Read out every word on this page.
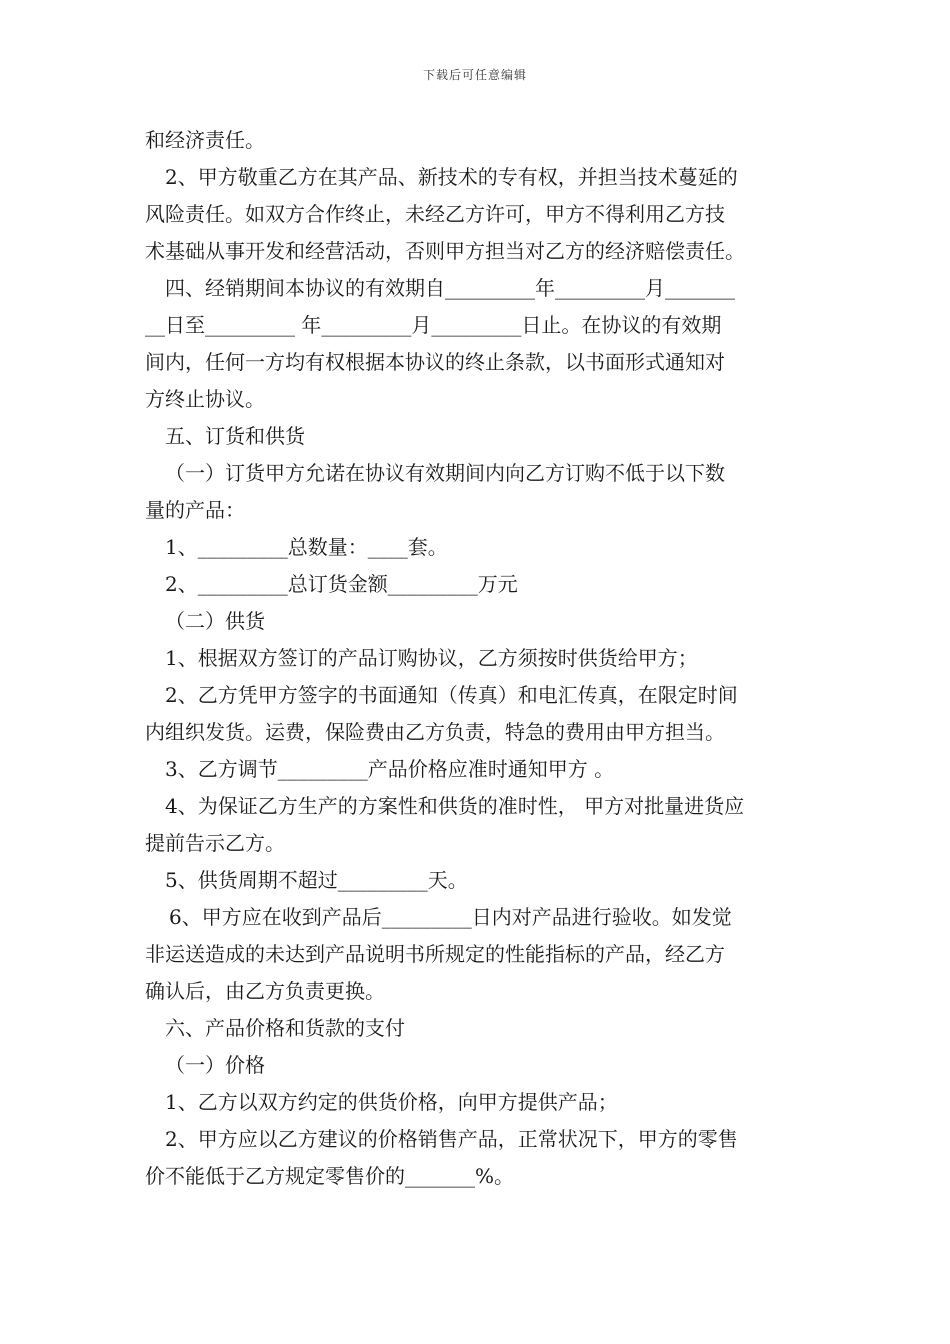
下载后可任意编辑
和经济责任。
2、甲方敬重乙方在其产品、新技术的专有权，并担当技术蔓延的
风险责任。如双方合作终止，未经乙方许可，甲方不得利用乙方技
术基础从事开发和经营活动，否则甲方担当对乙方的经济赔偿责任。
四、经销期间本协议的有效期自_________年_________月_______
__日至_________ 年_________月_________日止。在协议的有效期
间内，任何一方均有权根据本协议的终止条款，以书面形式通知对
方终止协议。
五、订货和供货
（一）订货甲方允诺在协议有效期间内向乙方订购不低于以下数
量的产品：
1、_________总数量：____套。
2、_________总订货金额_________万元
（二）供货
1、根据双方签订的产品订购协议，乙方须按时供货给甲方；
2、乙方凭甲方签字的书面通知（传真）和电汇传真，在限定时间
内组织发货。运费，保险费由乙方负责，特急的费用由甲方担当。
3、乙方调节_________产品价格应准时通知甲方 。
4、为保证乙方生产的方案性和供货的准时性， 甲方对批量进货应
提前告示乙方。
5、供货周期不超过_________天。
6、甲方应在收到产品后_________日内对产品进行验收。如发觉
非运送造成的未达到产品说明书所规定的性能指标的产品，经乙方
确认后，由乙方负责更换。
六、产品价格和货款的支付
（一）价格
1、乙方以双方约定的供货价格，向甲方提供产品；
2、甲方应以乙方建议的价格销售产品，正常状况下，甲方的零售
价不能低于乙方规定零售价的_______%。
